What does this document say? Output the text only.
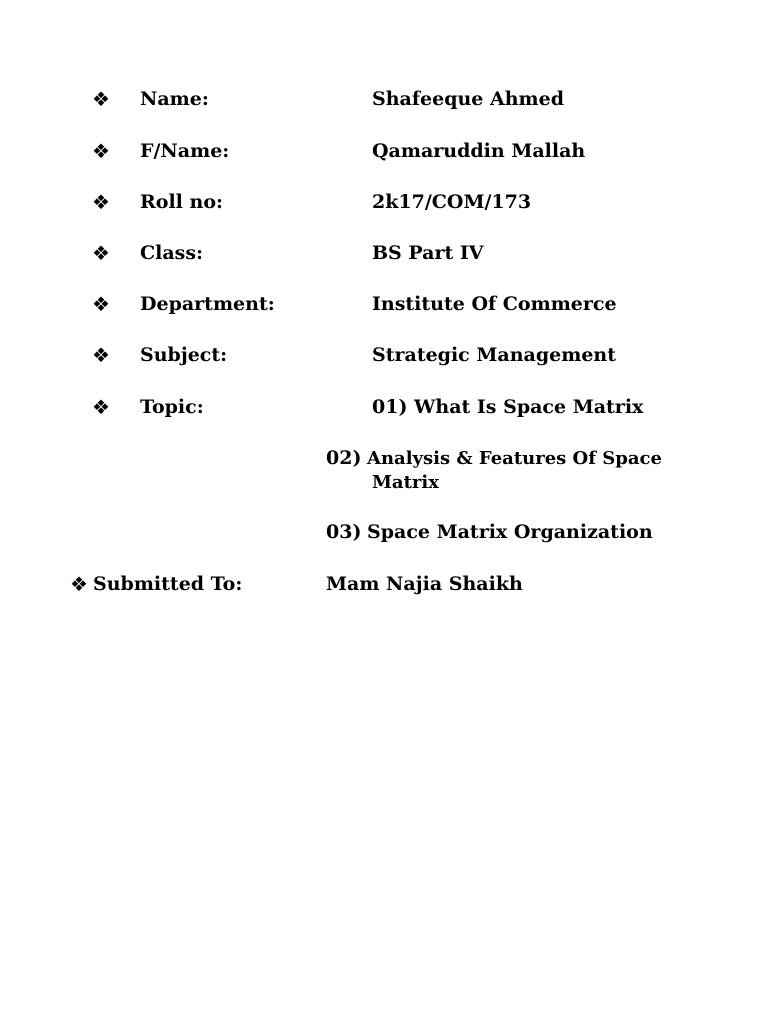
❖ Name:	Shafeeque Ahmed
❖ F/Name:	Qamaruddin Mallah
❖ Roll no:	2k17/COM/173
❖ Class:	BS Part IV
❖ Department:	Institute Of Commerce
❖ Subject:	Strategic Management
❖ Topic:	01) What Is Space Matrix
02) Analysis & Features Of Space
Matrix
03) Space Matrix Organization
❖ Submitted To:	Mam Najia Shaikh
